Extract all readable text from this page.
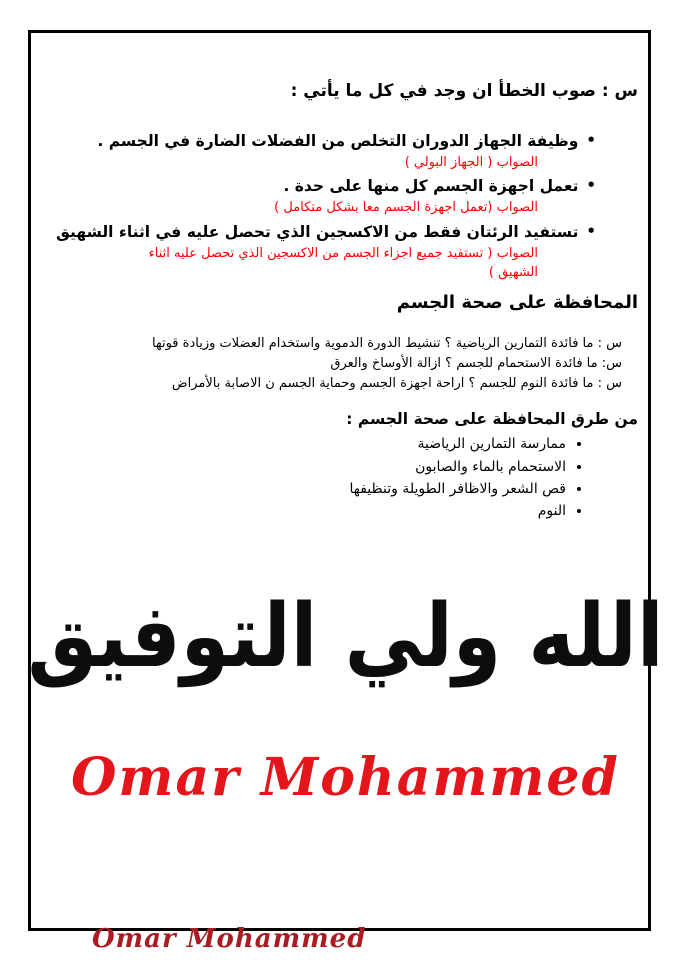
س : صوب الخطأ ان وجد في كل ما يأتي :
•
وظيفة الجهاز الدوران التخلص من الفضلات الضارة في الجسم .
الصواب ( الجهاز البولي )
•
تعمل اجهزة الجسم كل منها على حدة .
الصواب (تعمل اجهزة الجسم معا بشكل متكامل )
•
تستفيد الرئتان فقط من الاكسجين الذي تحصل عليه في اثناء الشهيق
الصواب ( تستفيد جميع اجزاء الجسم من الاكسجين الذي تحصل عليه اثناء الشهيق )
المحافظة على صحة الجسم
س : ما فائدة التمارين الرياضية ؟ تنشيط الدورة الدموية واستخدام العضلات وزيادة قوتها
س: ما فائدة الاستحمام للجسم ؟ ازالة الأوساخ والعرق
س : ما فائدة النوم للجسم ؟ اراحة اجهزة الجسم وحماية الجسم ن الاصابة بالأمراض
من طرق المحافظة على صحة الجسم :
• ممارسة التمارين الرياضية
• الاستحمام بالماء والصابون
• قص الشعر والاظافر الطويلة وتنظيفها
• النوم
الله ولي التوفيق
Omar Mohammed
Omar Mohammed
